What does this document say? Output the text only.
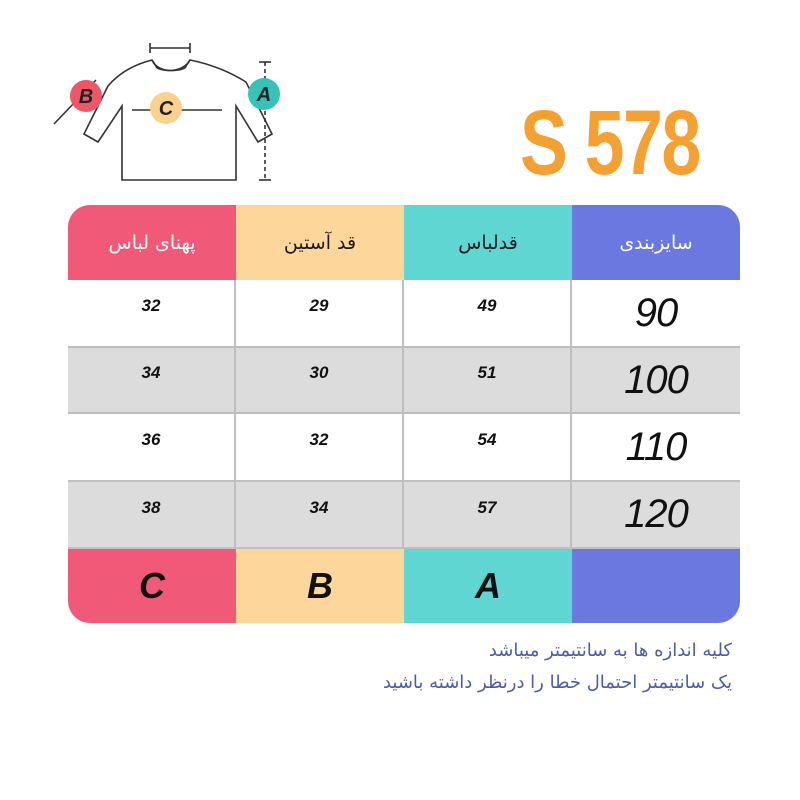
B
C
A	S 578
پهنای لباس	قد آستین	قدلباس	سایزبندی
32	29	49	90
34	30	51	100
36	32	54	110
38	34	57	120
C	B	A
کلیه اندازه ها به سانتیمتر میباشد
یک سانتیمتر احتمال خطا را درنظر داشته باشید
